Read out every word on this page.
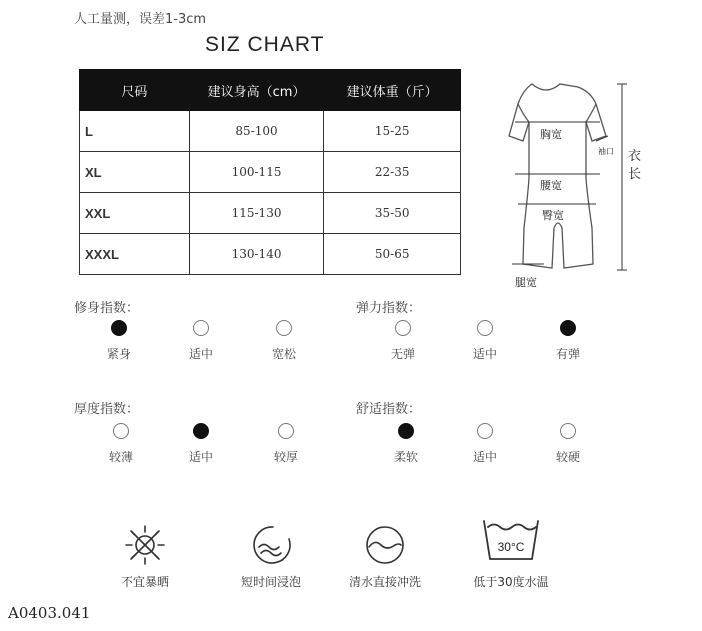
人工量测，误差1-3cm
SIZ CHART
尺码	建议身高（cm）	建议体重（斤）
L	85-100	15-25
XL	100-115	22-35
XXL	115-130	35-50
XXXL	130-140	50-65
胸宽
腰宽
臀宽
袖口 衣
长
腿宽
修身指数：
紧身	适中	宽松
弹力指数：
无弹	适中	有弹
厚度指数：
较薄	适中	较厚
舒适指数：
柔软	适中	较硬
不宜暴晒	短时间浸泡	清水直接冲洗
30°C
低于30度水温
A0403.041
